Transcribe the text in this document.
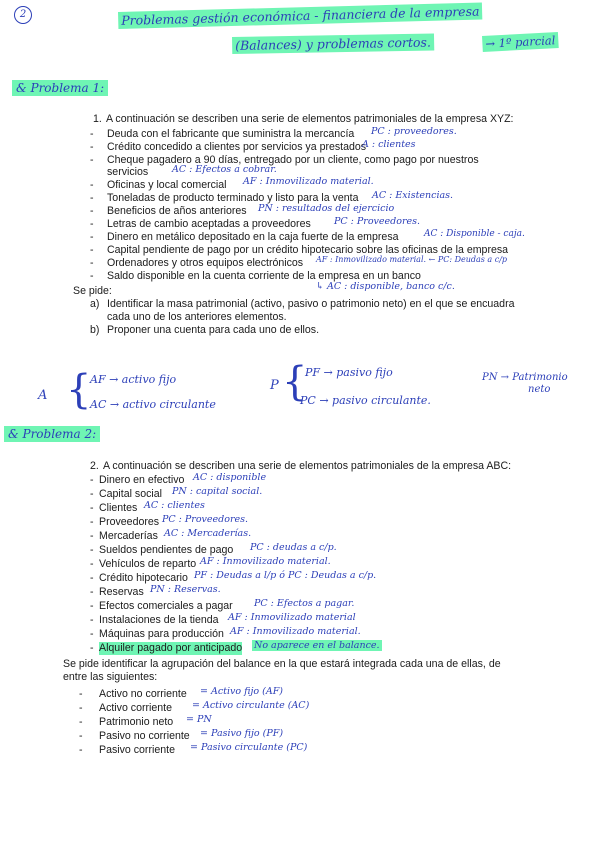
2	Problemas gestión económica - financiera de la empresa
(Balances) y problemas cortos.	→ 1º parcial
& Problema 1:
1. A continuación se describen una serie de elementos patrimoniales de la empresa XYZ:
- Deuda con el fabricante que suministra la mercancía PC : proveedores.
- Crédito concedido a clientes por servicios ya prestados
A : clientes
- Cheque pagadero a 90 días, entregado por un cliente, como pago por nuestros
servicios	AC : Efectos a cobrar.
- Oficinas y local comercial AF : Inmovilizado material.
- Toneladas de producto terminado y listo para la venta AC : Existencias.
- Beneficios de años anteriores PN : resultados del ejercicio
- Letras de cambio aceptadas a proveedores PC : Proveedores.
- Dinero en metálico depositado en la caja fuerte de la empresa	AC : Disponible - caja.
- Capital pendiente de pago por un crédito hipotecario sobre las oficinas de la empresa
- Ordenadores y otros equipos electrónicos AF : Inmovilizado material. ← PC: Deudas a c/p
- Saldo disponible en la cuenta corriente de la empresa en un banco
↳ AC : disponible, banco c/c.
Se pide:
a) Identificar la masa patrimonial (activo, pasivo o patrimonio neto) en el que se encuadra
cada uno de los anteriores elementos.
b) Proponer una cuenta para cada uno de ellos.
A {
AF → activo fijo
AC → activo circulante
P {
PF → pasivo fijo
PC → pasivo circulante.
PN → Patrimonio
neto
& Problema 2:
2. A continuación se describen una serie de elementos patrimoniales de la empresa ABC:
- Dinero en efectivo AC : disponible
- Capital social PN : capital social.
- Clientes AC : clientes
- Proveedores PC : Proveedores.
- Mercaderías AC : Mercaderías.
- Sueldos pendientes de pago PC : deudas a c/p.
- Vehículos de reparto AF : Inmovilizado material.
- Crédito hipotecario PF : Deudas a l/p ó PC : Deudas a c/p.
- Reservas PN : Reservas.
- Efectos comerciales a pagar PC : Efectos a pagar.
- Instalaciones de la tienda AF : Inmovilizado material
- Máquinas para producción AF : Inmovilizado material.
- Alquiler pagado por anticipado No aparece en el balance.
Se pide identificar la agrupación del balance en la que estará integrada cada una de ellas, de
entre las siguientes:
- Activo no corriente = Activo fijo (AF)
- Activo corriente = Activo circulante (AC)
- Patrimonio neto = PN
- Pasivo no corriente = Pasivo fijo (PF)
- Pasivo corriente = Pasivo circulante (PC)
